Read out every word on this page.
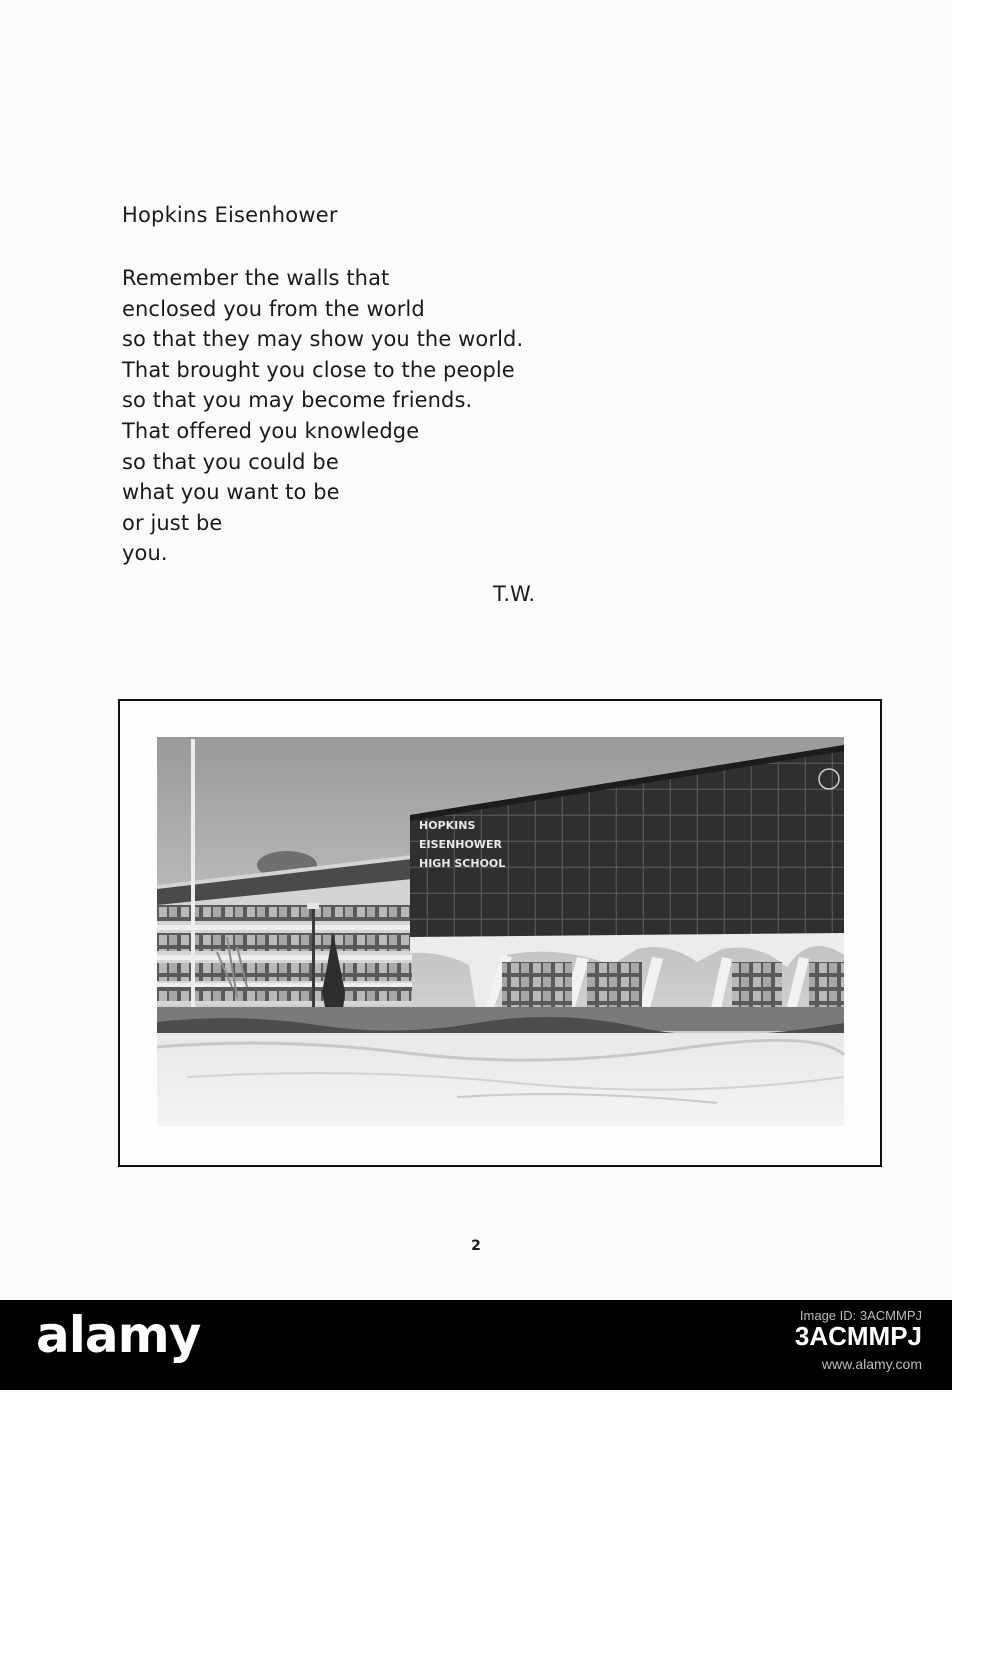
Hopkins Eisenhower
Remember the walls that
enclosed you from the world
so that they may show you the world.
That brought you close to the people
so that you may become friends.
That offered you knowledge
so that you could be
what you want to be
or just be
you.
T.W.
HOPKINS
EISENHOWER
HIGH SCHOOL
alamy
2
alamy	Image ID: 3ACMMPJ
3ACMMPJ
www.alamy.com
